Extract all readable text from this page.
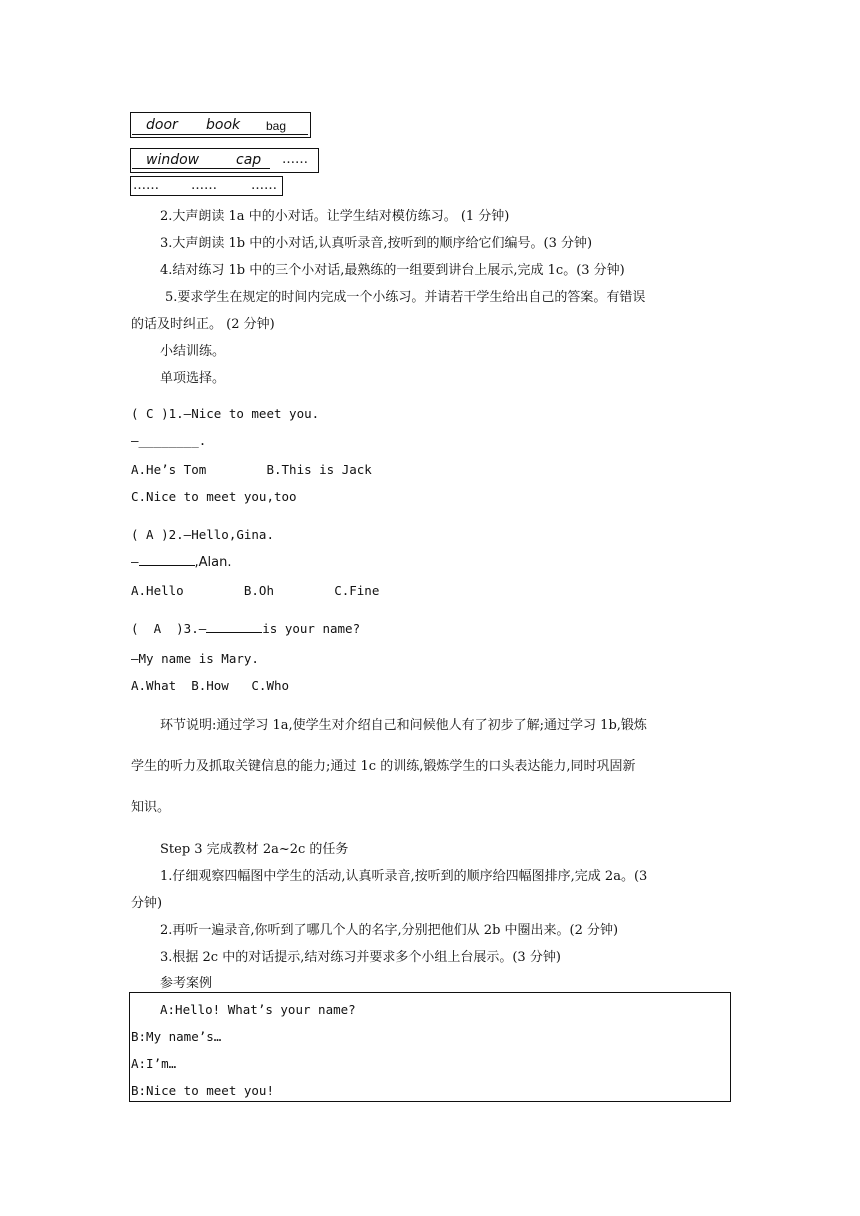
door book bag
window	cap ……
…… ……	……
2.大声朗读 1a 中的小对话。让学生结对模仿练习。 (1 分钟)
3.大声朗读 1b 中的小对话,认真听录音,按听到的顺序给它们编号。(3 分钟)
4.结对练习 1b 中的三个小对话,最熟练的一组要到讲台上展示,完成 1c。(3 分钟)
5.要求学生在规定的时间内完成一个小练习。并请若干学生给出自己的答案。有错误
的话及时纠正。 (2 分钟)
小结训练。
单项选择。
( C )1.—Nice to meet you.
—________.
A.He’s Tom        B.This is Jack
C.Nice to meet you,too
( A )2.—Hello,Gina.
—	,Alan.
A.Hello        B.Oh        C.Fine
(  A  )3.—	is your name?
—My name is Mary.
A.What  B.How   C.Who
环节说明:通过学习 1a,使学生对介绍自己和问候他人有了初步了解;通过学习 1b,锻炼
学生的听力及抓取关键信息的能力;通过 1c 的训练,锻炼学生的口头表达能力,同时巩固新
知识。
Step 3 完成教材 2a~2c 的任务
1.仔细观察四幅图中学生的活动,认真听录音,按听到的顺序给四幅图排序,完成 2a。(3
分钟)
2.再听一遍录音,你听到了哪几个人的名字,分别把他们从 2b 中圈出来。(2 分钟)
3.根据 2c 中的对话提示,结对练习并要求多个小组上台展示。(3 分钟)
参考案例
A:Hello! What’s your name?
B:My name’s…
A:I’m…
B:Nice to meet you!
